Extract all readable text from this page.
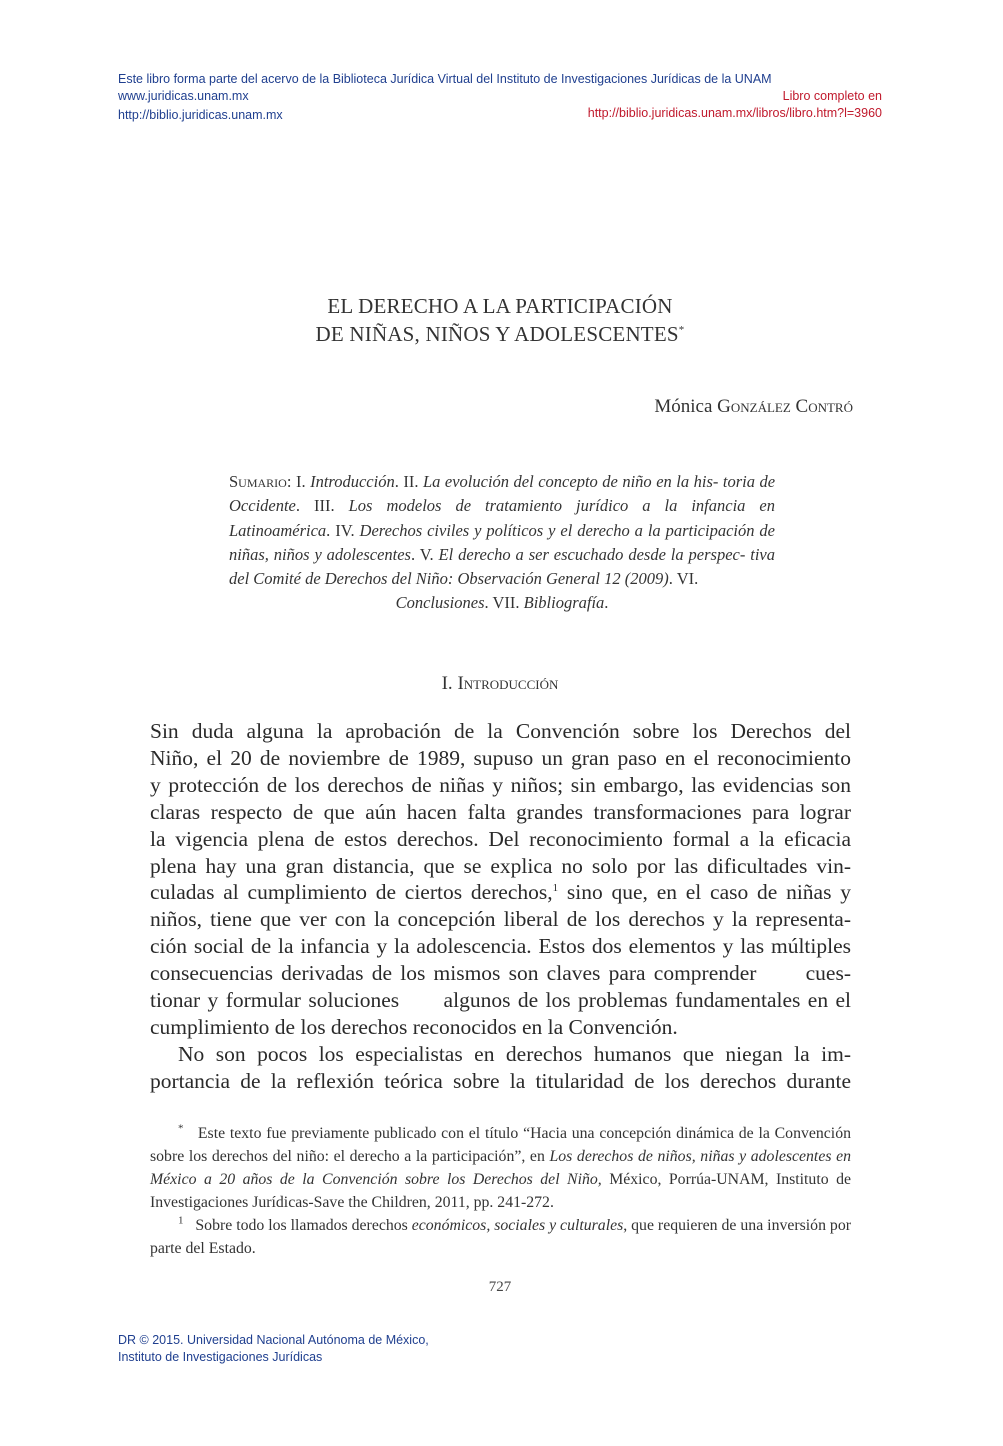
Este libro forma parte del acervo de la Biblioteca Jurídica Virtual del Instituto de Investigaciones Jurídicas de la UNAM
www.juridicas.unam.mx
http://biblio.juridicas.unam.mx
Libro completo en
http://biblio.juridicas.unam.mx/libros/libro.htm?l=3960
EL DERECHO A LA PARTICIPACIÓN
DE NIÑAS, NIÑOS Y ADOLESCENTES*
Mónica González Contró
Sumario: I. Introducción. II. La evolución del concepto de niño en la his- toria de Occidente. III. Los modelos de tratamiento jurídico a la infancia en Latinoamérica. IV. Derechos civiles y políticos y el derecho a la participación de niñas, niños y adolescentes. V. El derecho a ser escuchado desde la perspec- tiva del Comité de Derechos del Niño: Observación General 12 (2009). VI.
Conclusiones. VII. Bibliografía.
I. Introducción

Sin duda alguna la aprobación de la Convención sobre los Derechos del
Niño, el 20 de noviembre de 1989, supuso un gran paso en el reconocimiento
y protección de los derechos de niñas y niños; sin embargo, las evidencias son
claras respecto de que aún hacen falta grandes transformaciones para lograr
la vigencia plena de estos derechos. Del reconocimiento formal a la eficacia
plena hay una gran distancia, que se explica no solo por las dificultades vin-
culadas al cumplimiento de ciertos derechos,$^1$ sino que, en el caso de niñas y
niños, tiene que ver con la concepción liberal de los derechos y la representa-
ción social de la infancia y la adolescencia. Estos dos elementos y las múltiples
consecuencias derivadas de los mismos son claves para comprender      cues-
tionar y formular soluciones      algunos de los problemas fundamentales en el
cumplimiento de los derechos reconocidos en la Convención.

No son pocos los especialistas en derechos humanos que niegan la im-
portancia de la reflexión teórica sobre la titularidad de los derechos durante

* Este texto fue previamente publicado con el título “Hacia una concepción dinámica de la Convención sobre los derechos del niño: el derecho a la participación”, en Los derechos de niños, niñas y adolescentes en México a 20 años de la Convención sobre los Derechos del Niño, México, Porrúa-UNAM, Instituto de Investigaciones Jurídicas-Save the Children, 2011, pp. 241-272.
$^1$ Sobre todo los llamados derechos económicos, sociales y culturales, que requieren de una inversión por parte del Estado.
727
DR © 2015. Universidad Nacional Autónoma de México,
Instituto de Investigaciones Jurídicas
